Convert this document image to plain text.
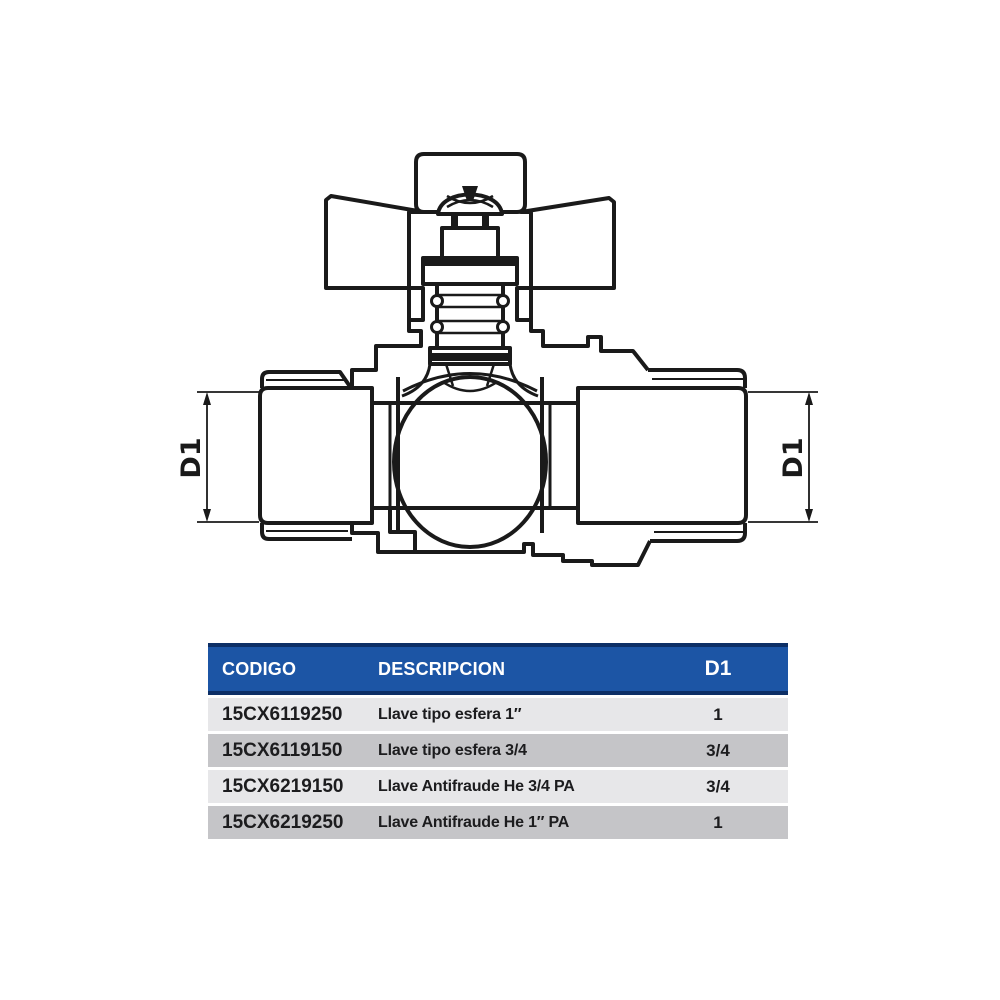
D1	D1
CODIGO	DESCRIPCION	D1
15CX6119250	Llave tipo esfera 1″	1
15CX6119150	Llave tipo esfera 3/4	3/4
15CX6219150	Llave Antifraude He 3/4 PA	3/4
15CX6219250	Llave Antifraude He 1″ PA	1
